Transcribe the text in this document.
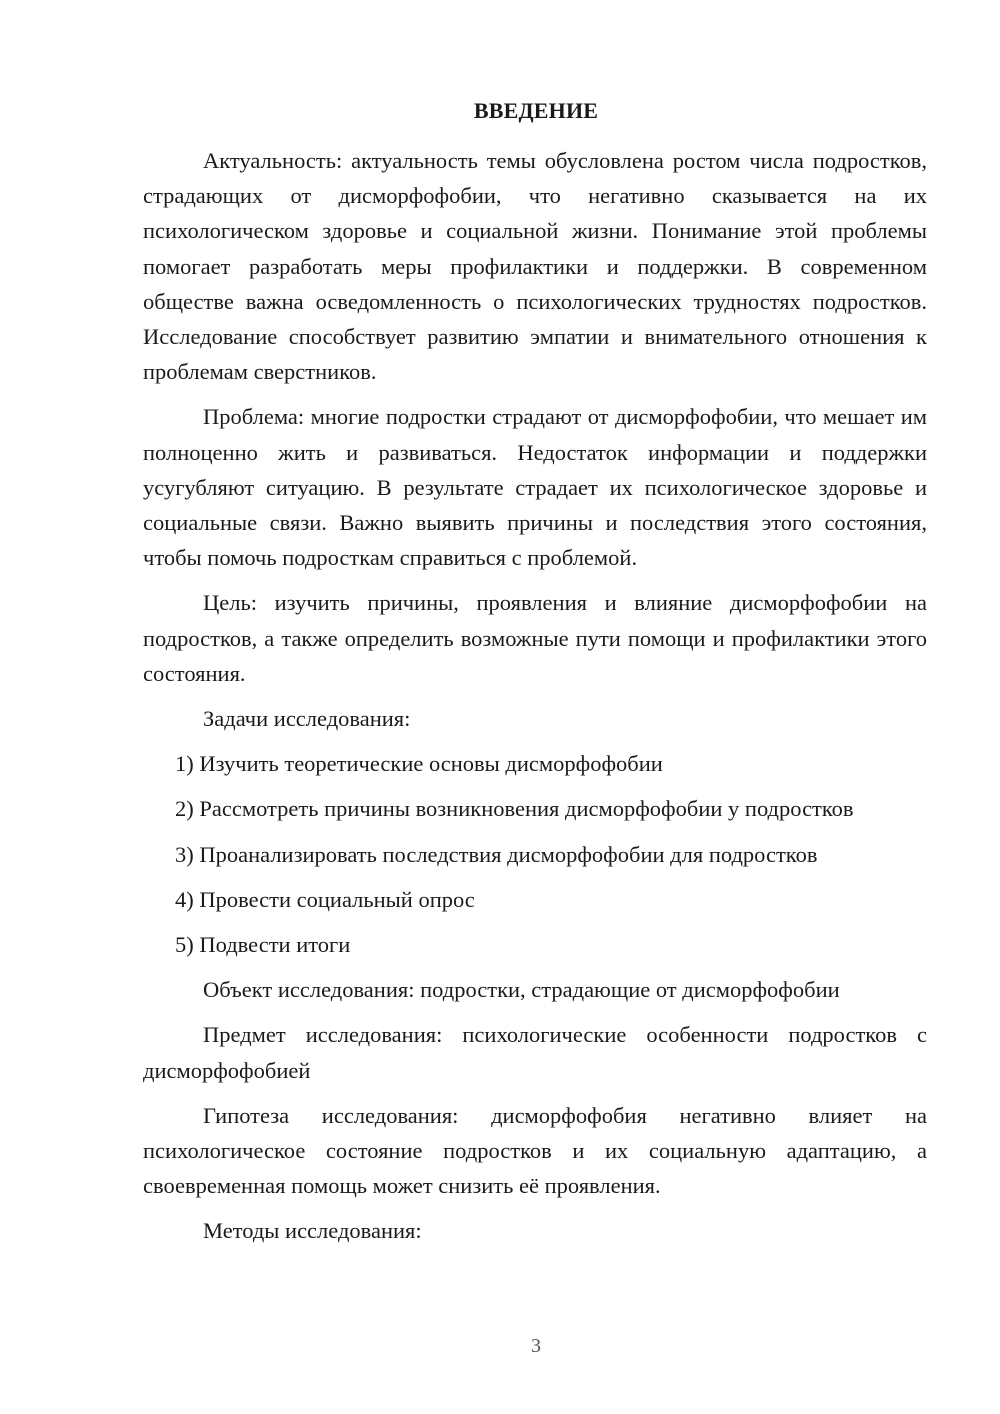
ВВЕДЕНИЕ

Актуальность: актуальность темы обусловлена ростом числа подростков, страдающих от дисморфофобии, что негативно сказывается на их психологическом здоровье и социальной жизни. Понимание этой проблемы помогает разработать меры профилактики и поддержки. В современном обществе важна осведомленность о психологических трудностях подростков. Исследование способствует развитию эмпатии и внимательного отношения к проблемам сверстников.

Проблема: многие подростки страдают от дисморфофобии, что мешает им полноценно жить и развиваться. Недостаток информации и поддержки усугубляют ситуацию. В результате страдает их психологическое здоровье и социальные связи. Важно выявить причины и последствия этого состояния, чтобы помочь подросткам справиться с проблемой.

Цель: изучить причины, проявления и влияние дисморфофобии на подростков, а также определить возможные пути помощи и профилактики этого состояния.

Задачи исследования:

1) Изучить теоретические основы дисморфофобии
2) Рассмотреть причины возникновения дисморфофобии у подростков
3) Проанализировать последствия дисморфофобии для подростков
4) Провести социальный опрос
5) Подвести итоги

Объект исследования: подростки, страдающие от дисморфофобии

Предмет исследования: психологические особенности подростков с дисморфофобией

Гипотеза исследования: дисморфофобия негативно влияет на психологическое состояние подростков и их социальную адаптацию, а своевременная помощь может снизить её проявления.

Методы исследования:

3
